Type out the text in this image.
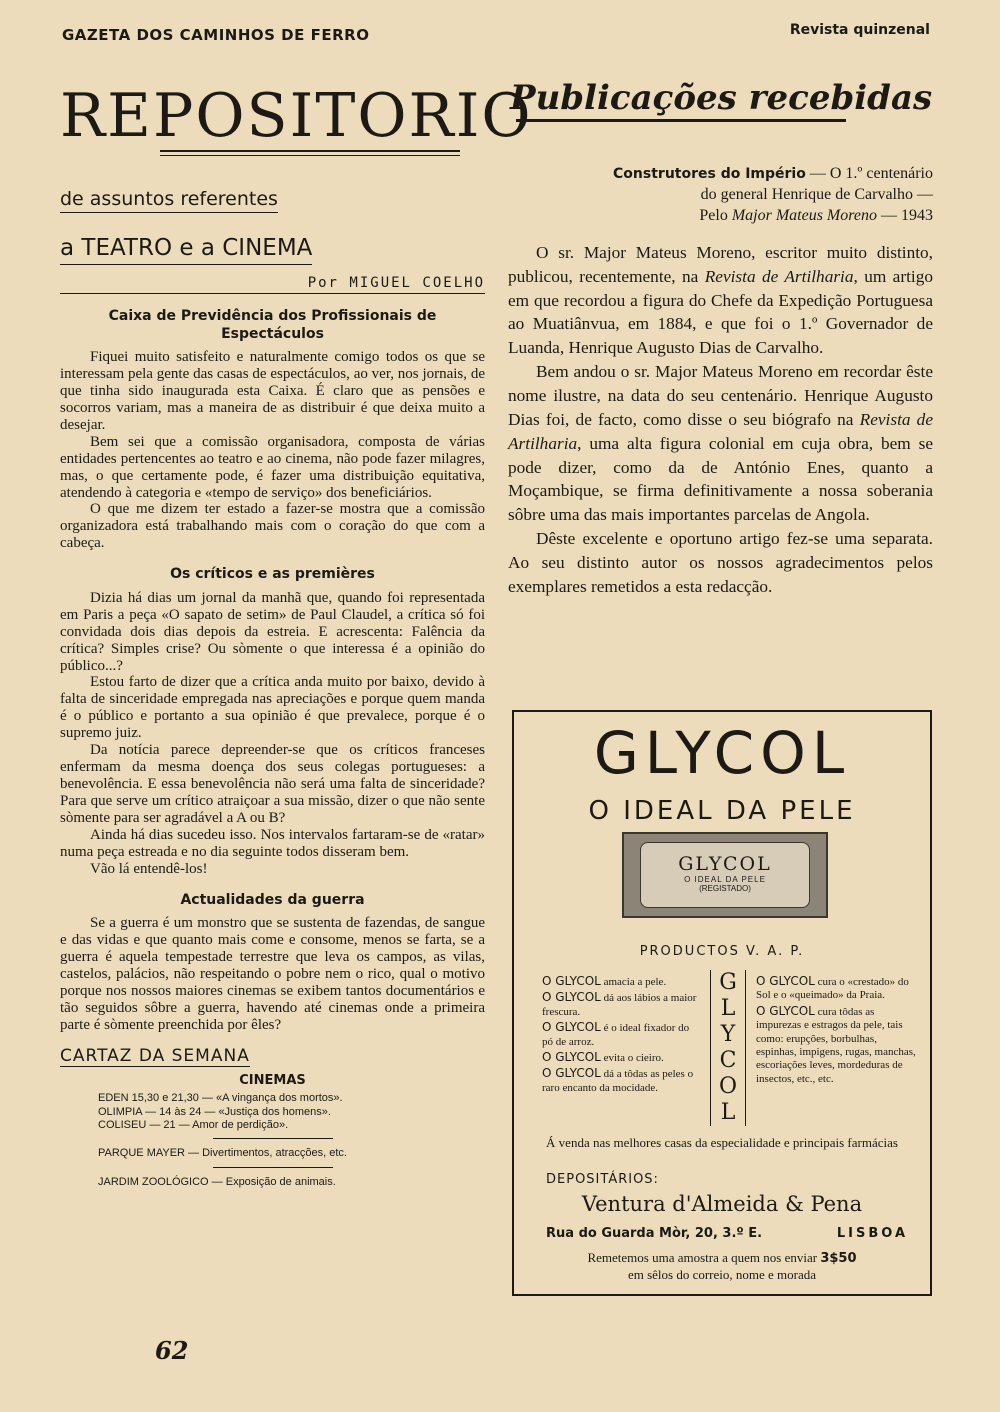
GAZETA DOS CAMINHOS DE FERRO	Revista quinzenal
REPOSITORIO
de assuntos referentes
a TEATRO e a CINEMA
Por MIGUEL COELHO
Caixa de Previdência dos Profissionais de Espectáculos

Fiquei muito satisfeito e naturalmente comigo todos os que se interessam pela gente das casas de espectáculos, ao ver, nos jornais, de que tinha sido inaugurada esta Caixa. É claro que as pensões e socorros variam, mas a maneira de as distribuir é que deixa muito a desejar.

Bem sei que a comissão organisadora, composta de várias entidades pertencentes ao teatro e ao cinema, não pode fazer milagres, mas, o que certamente pode, é fazer uma distribuição equitativa, atendendo à categoria e «tempo de serviço» dos beneficiários.

O que me dizem ter estado a fazer-se mostra que a comissão organizadora está trabalhando mais com o coração do que com a cabeça.

Os críticos e as premières

Dizia há dias um jornal da manhã que, quando foi representada em Paris a peça «O sapato de setim» de Paul Claudel, a crítica só foi convidada dois dias depois da estreia. E acrescenta: Falência da crítica? Simples crise? Ou sòmente o que interessa é a opinião do público...?

Estou farto de dizer que a crítica anda muito por baixo, devido à falta de sinceridade empregada nas apreciações e porque quem manda é o público e portanto a sua opinião é que prevalece, porque é o supremo juiz.

Da notícia parece depreender-se que os críticos franceses enfermam da mesma doença dos seus colegas portugueses: a benevolência. E essa benevolência não será uma falta de sinceridade? Para que serve um crítico atraiçoar a sua missão, dizer o que não sente sòmente para ser agradável a A ou B?

Ainda há dias sucedeu isso. Nos intervalos fartaram-se de «ratar» numa peça estreada e no dia seguinte todos disseram bem.

Vão lá entendê-los!

Actualidades da guerra

Se a guerra é um monstro que se sustenta de fazendas, de sangue e das vidas e que quanto mais come e consome, menos se farta, se a guerra é aquela tempestade terrestre que leva os campos, as vilas, castelos, palácios, não respeitando o pobre nem o rico, qual o motivo porque nos nossos maiores cinemas se exibem tantos documentários e tão seguidos sôbre a guerra, havendo até cinemas onde a primeira parte é sòmente preenchida por êles?

CARTAZ DA SEMANA
CINEMAS
EDEN 15,30 e 21,30 — «A vingança dos mortos».
OLIMPIA — 14 às 24 — «Justiça dos homens».
COLISEU — 21 — Amor de perdição».
PARQUE MAYER — Divertimentos, atracções, etc.
JARDIM ZOOLÓGICO — Exposição de animais.
62
Publicações recebidas
Construtores do Império — O 1.º centenário
do general Henrique de Carvalho —
Pelo Major Mateus Moreno — 1943

O sr. Major Mateus Moreno, escritor muito distinto, publicou, recentemente, na Revista de Artilharia, um artigo em que recordou a figura do Chefe da Expedição Portuguesa ao Muatiânvua, em 1884, e que foi o 1.º Governador de Luanda, Henrique Augusto Dias de Carvalho.

Bem andou o sr. Major Mateus Moreno em recordar êste nome ilustre, na data do seu centenário. Henrique Augusto Dias foi, de facto, como disse o seu biógrafo na Revista de Artilharia, uma alta figura colonial em cuja obra, bem se pode dizer, como da de António Enes, quanto a Moçambique, se firma definitivamente a nossa soberania sôbre uma das mais importantes parcelas de Angola.

Dêste excelente e oportuno artigo fez-se uma separata. Ao seu distinto autor os nossos agradecimentos pelos exemplares remetidos a esta redacção.

GLYCOL
O IDEAL DA PELE
GLYCOL
O IDEAL DA PELE
(REGISTADO)
PRODUCTOS V. A. P.
O GLYCOL amacia a pele.
O GLYCOL dá aos lábios a maior frescura.
O GLYCOL é o ideal fixador do pó de arroz.
O GLYCOL evita o cieiro.
O GLYCOL dá a tôdas as peles o raro encanto da mocidade.
G
L
Y
C
O
L
O GLYCOL cura o «crestado» do Sol e o «queimado» da Praia.
O GLYCOL cura tôdas as impurezas e estragos da pele, tais como: erupções, borbulhas, espinhas, impigens, rugas, manchas, escoriações leves, mordeduras de insectos, etc., etc.
Á venda nas melhores casas da especialidade e principais farmácias
DEPOSITÁRIOS:
Ventura d'Almeida & Pena
Rua do Guarda Mòr, 20, 3.º E.	LISBOA
Remetemos uma amostra a quem nos enviar 3$50
em sêlos do correio, nome e morada
